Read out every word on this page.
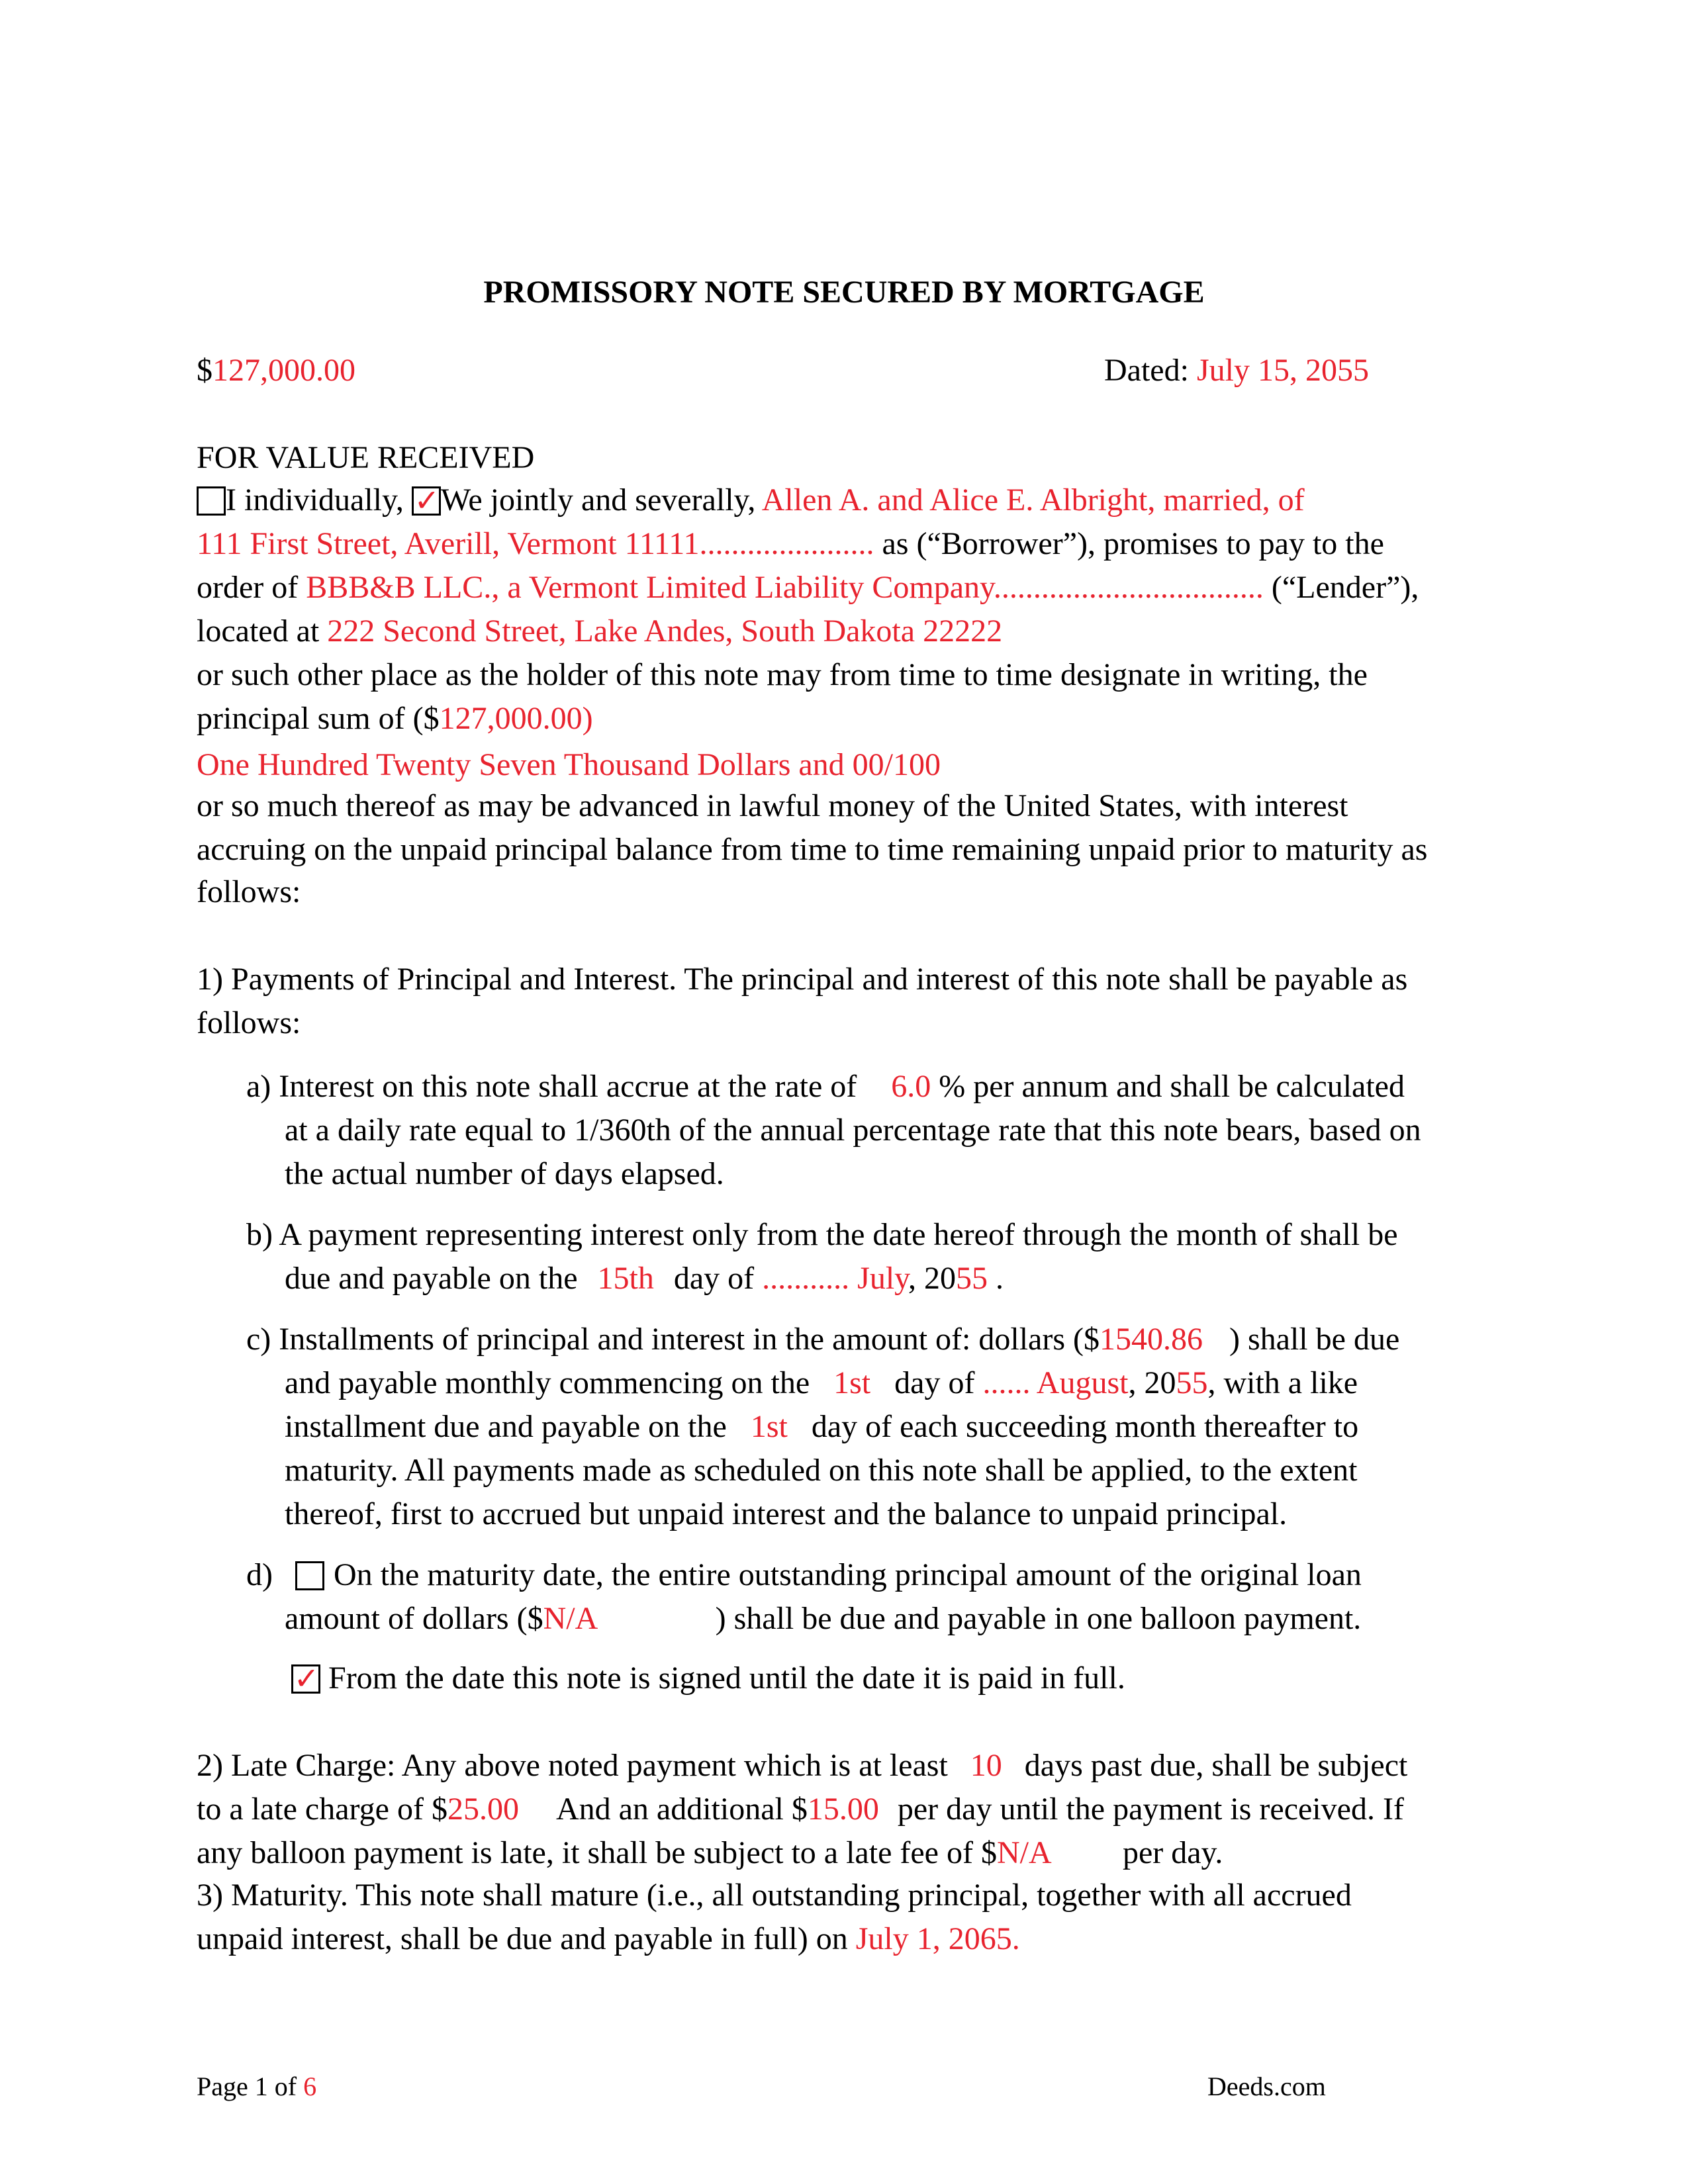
PROMISSORY NOTE SECURED BY MORTGAGE
$127,000.00	Dated: July 15, 2055
FOR VALUE RECEIVED
I individually, ✓ We jointly and severally, Allen A. and Alice E. Albright, married, of
111 First Street, Averill, Vermont 11111...................... as (“Borrower”), promises to pay to the
order of BBB&B LLC., a Vermont Limited Liability Company.................................. (“Lender”),
located at 222 Second Street, Lake Andes, South Dakota 22222
or such other place as the holder of this note may from time to time designate in writing, the
principal sum of ($127,000.00)
One Hundred Twenty Seven Thousand Dollars and 00/100
or so much thereof as may be advanced in lawful money of the United States, with interest
accruing on the unpaid principal balance from time to time remaining unpaid prior to maturity as
follows:
1) Payments of Principal and Interest. The principal and interest of this note shall be payable as
follows:
a) Interest on this note shall accrue at the rate of 6.0 % per annum and shall be calculated
at a daily rate equal to 1/360th of the annual percentage rate that this note bears, based on
the actual number of days elapsed.
b) A payment representing interest only from the date hereof through the month of shall be
due and payable on the 15th day of ........... July, 2055 .
c) Installments of principal and interest in the amount of: dollars ($1540.86 ) shall be due
and payable monthly commencing on the 1st day of ...... August, 2055, with a like
installment due and payable on the 1st day of each succeeding month thereafter to
maturity. All payments made as scheduled on this note shall be applied, to the extent
thereof, first to accrued but unpaid interest and the balance to unpaid principal.
d) On the maturity date, the entire outstanding principal amount of the original loan
amount of dollars ($N/A	) shall be due and payable in one balloon payment.
✓ From the date this note is signed until the date it is paid in full.
2) Late Charge: Any above noted payment which is at least 10 days past due, shall be subject
to a late charge of $25.00 And an additional $15.00 per day until the payment is received. If
any balloon payment is late, it shall be subject to a late fee of $N/A per day.
3) Maturity. This note shall mature (i.e., all outstanding principal, together with all accrued
unpaid interest, shall be due and payable in full) on July 1, 2065.
Page 1 of 6	Deeds.com
